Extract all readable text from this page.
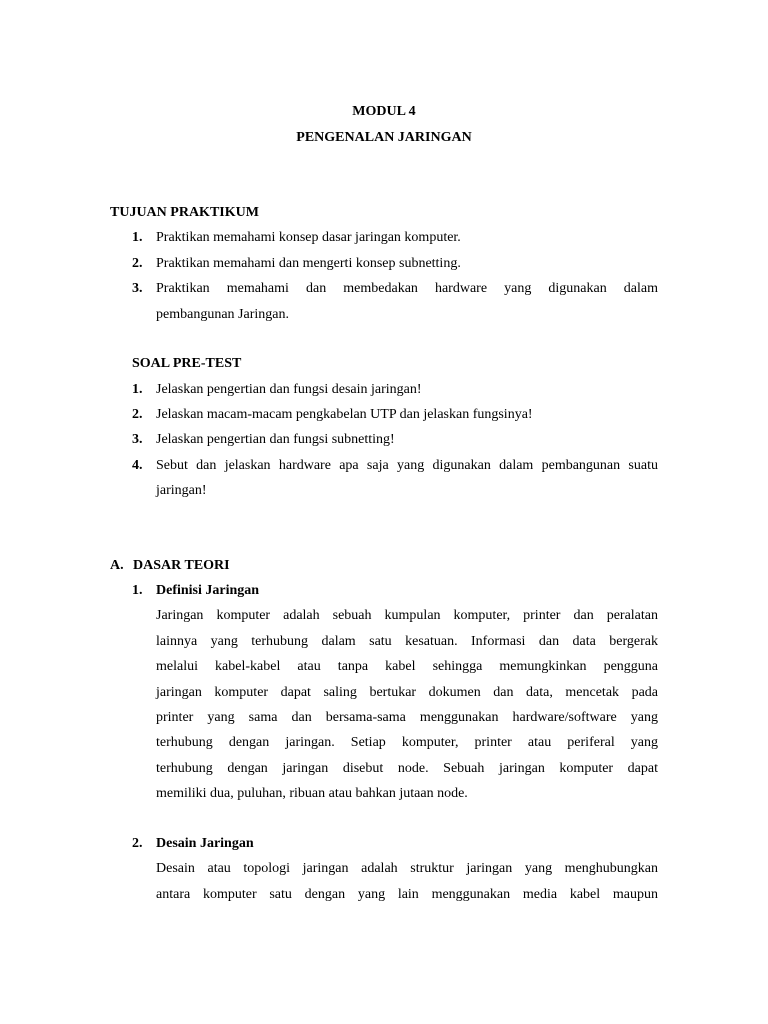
MODUL 4
PENGENALAN JARINGAN
TUJUAN PRAKTIKUM
1. Praktikan memahami konsep dasar jaringan komputer.
2. Praktikan memahami dan mengerti konsep subnetting.
3. Praktikan memahami dan membedakan hardware yang digunakan dalam
pembangunan Jaringan.
SOAL PRE-TEST
1. Jelaskan pengertian dan fungsi desain jaringan!
2. Jelaskan macam-macam pengkabelan UTP dan jelaskan fungsinya!
3. Jelaskan pengertian dan fungsi subnetting!
4. Sebut dan jelaskan hardware apa saja yang digunakan dalam pembangunan suatu
jaringan!
A. DASAR TEORI
1. Definisi Jaringan
Jaringan komputer adalah sebuah kumpulan komputer, printer dan peralatan
lainnya yang terhubung dalam satu kesatuan. Informasi dan data bergerak
melalui kabel-kabel atau tanpa kabel sehingga memungkinkan pengguna
jaringan komputer dapat saling bertukar dokumen dan data, mencetak pada
printer yang sama dan bersama-sama menggunakan hardware/software yang
terhubung dengan jaringan. Setiap komputer, printer atau periferal yang
terhubung dengan jaringan disebut node. Sebuah jaringan komputer dapat
memiliki dua, puluhan, ribuan atau bahkan jutaan node.
2. Desain Jaringan
Desain atau topologi jaringan adalah struktur jaringan yang menghubungkan
antara komputer satu dengan yang lain menggunakan media kabel maupun
